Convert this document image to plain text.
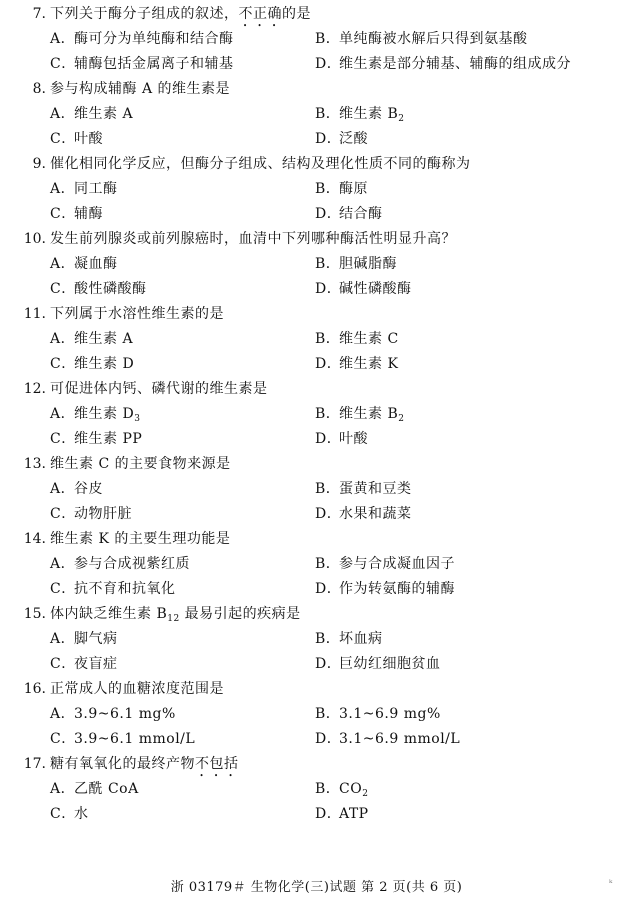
7. 下列关于酶分子组成的叙述，不正确的是
A．酶可分为单纯酶和结合酶	B．单纯酶被水解后只得到氨基酸
C．辅酶包括金属离子和辅基	D．维生素是部分辅基、辅酶的组成成分
8. 参与构成辅酶 A 的维生素是
A．维生素 A	B．维生素 $B_2$
C．叶酸	D．泛酸
9. 催化相同化学反应，但酶分子组成、结构及理化性质不同的酶称为
A．同工酶	B．酶原
C．辅酶	D．结合酶
10. 发生前列腺炎或前列腺癌时，血清中下列哪种酶活性明显升高？
A．凝血酶	B．胆碱脂酶
C．酸性磷酸酶	D．碱性磷酸酶
11. 下列属于水溶性维生素的是
A．维生素 A	B．维生素 C
C．维生素 D	D．维生素 K
12. 可促进体内钙、磷代谢的维生素是
A．维生素 $D_3$	B．维生素 $B_2$
C．维生素 PP	D．叶酸
13. 维生素 C 的主要食物来源是
A．谷皮	B．蛋黄和豆类
C．动物肝脏	D．水果和蔬菜
14. 维生素 K 的主要生理功能是
A．参与合成视紫红质	B．参与合成凝血因子
C．抗不育和抗氧化	D．作为转氨酶的辅酶
15. 体内缺乏维生素 $B_{12}$ 最易引起的疾病是
A．脚气病	B．坏血病
C．夜盲症	D．巨幼红细胞贫血
16. 正常成人的血糖浓度范围是
A．3.9~6.1 mg%	B．3.1~6.9 mg%
C．3.9~6.1 mmol/L	D．3.1~6.9 mmol/L
17. 糖有氧氧化的最终产物不包括
A．乙酰 CoA	B．$CO_2$
C．水	D．ATP
浙 03179＃ 生物化学(三)试题 第 2 页(共 6 页)	ᵏ
